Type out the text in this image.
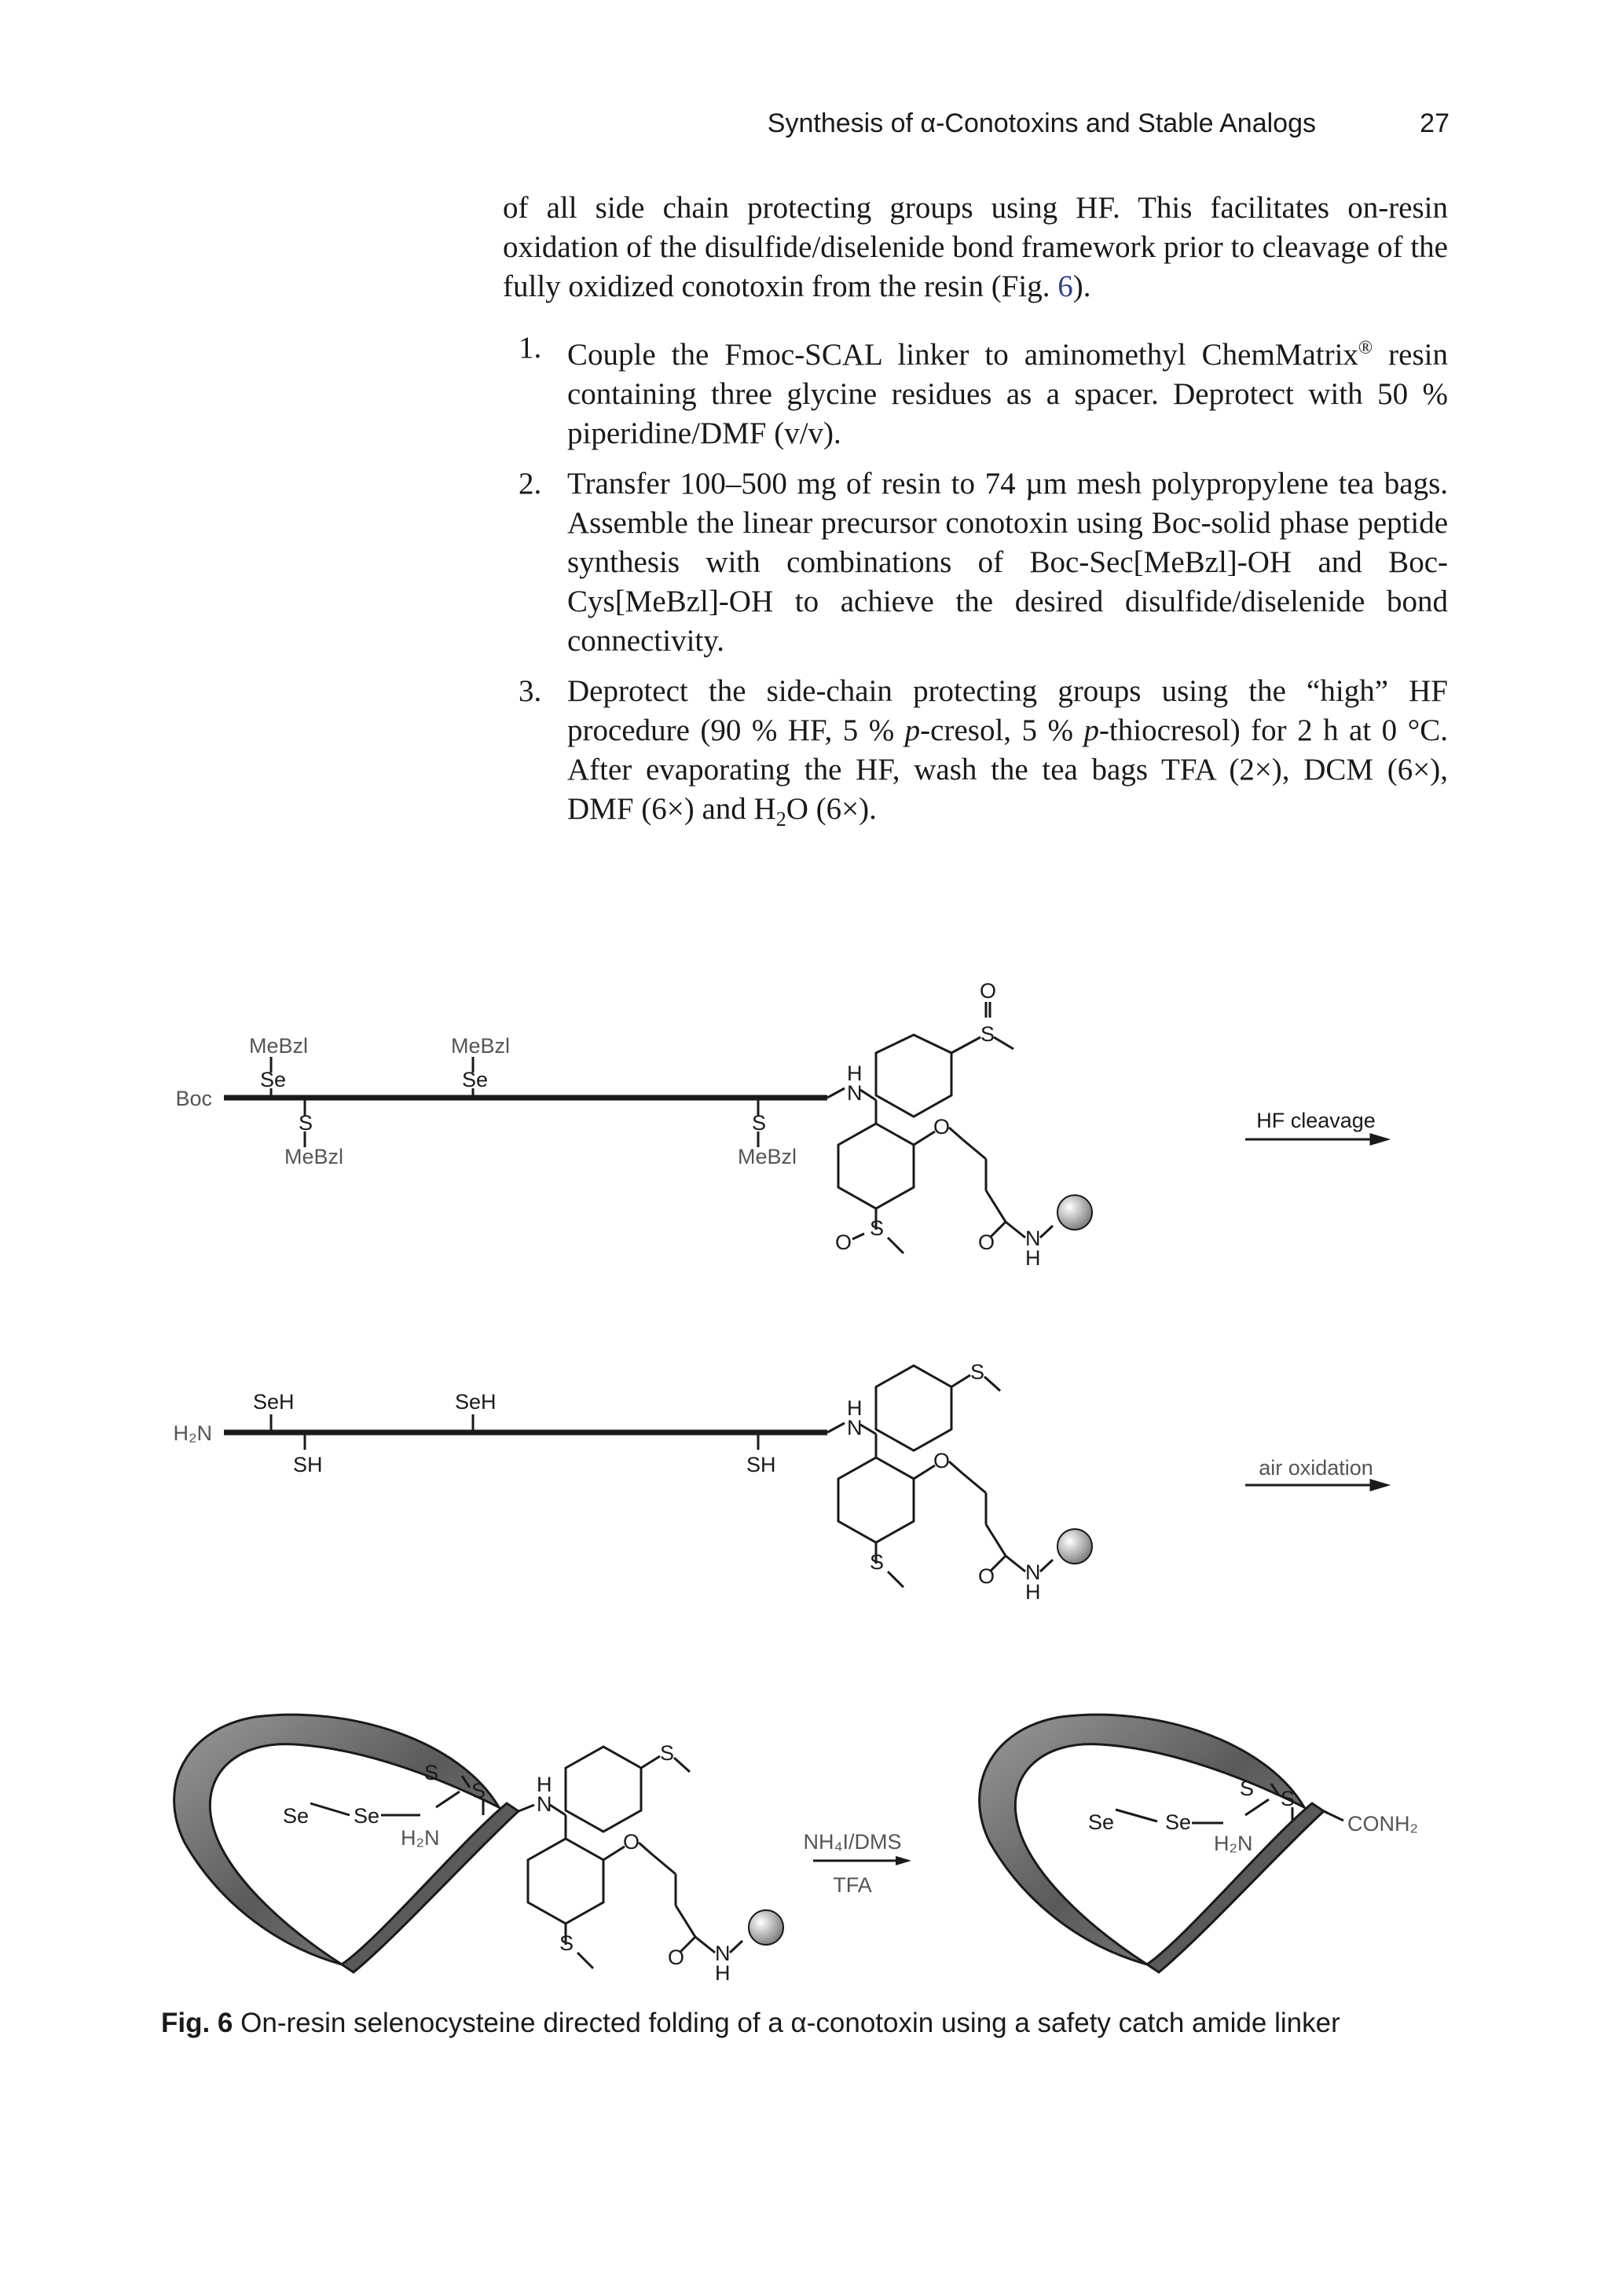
Synthesis of α-Conotoxins and Stable Analogs	27

of all side chain protecting groups using HF. This facilitates on-resin oxidation of the disulfide/diselenide bond framework prior to cleavage of the fully oxidized conotoxin from the resin (Fig. 6).

1. Couple the Fmoc-SCAL linker to aminomethyl ChemMatrix® resin containing three glycine residues as a spacer. Deprotect with 50 % piperidine/DMF (v/v).
2. Transfer 100–500 mg of resin to 74 µm mesh polypropylene tea bags. Assemble the linear precursor conotoxin using Boc-solid phase peptide synthesis with combinations of Boc-Sec[MeBzl]-OH and Boc-Cys[MeBzl]-OH to achieve the desired disulfide/diselenide bond connectivity.
3. Deprotect the side-chain protecting groups using the “high” HF procedure (90 % HF, 5 % p-cresol, 5 % p-thiocresol) for 2 h at 0 °C. After evaporating the HF, wash the tea bags TFA (2×), DCM (6×), DMF (6×) and $H_2O$ (6×).
Boc
MeBzl	MeBzl
MeBzl	MeBzl
Se	Se
S	S
H
N
S
O
O
O N
H
S
O
HF cleavage
H₂N
SeH	SeH
SH	SH
H
N
S
O
O N
H
S
air oxidation
Se Se
S
S
H₂N
H
N
S
O
O N
H
S
NH₄I/DMS
TFA
Se Se
S S
H₂N
CONH₂
Fig. 6 On-resin selenocysteine directed folding of a α-conotoxin using a safety catch amide linker
